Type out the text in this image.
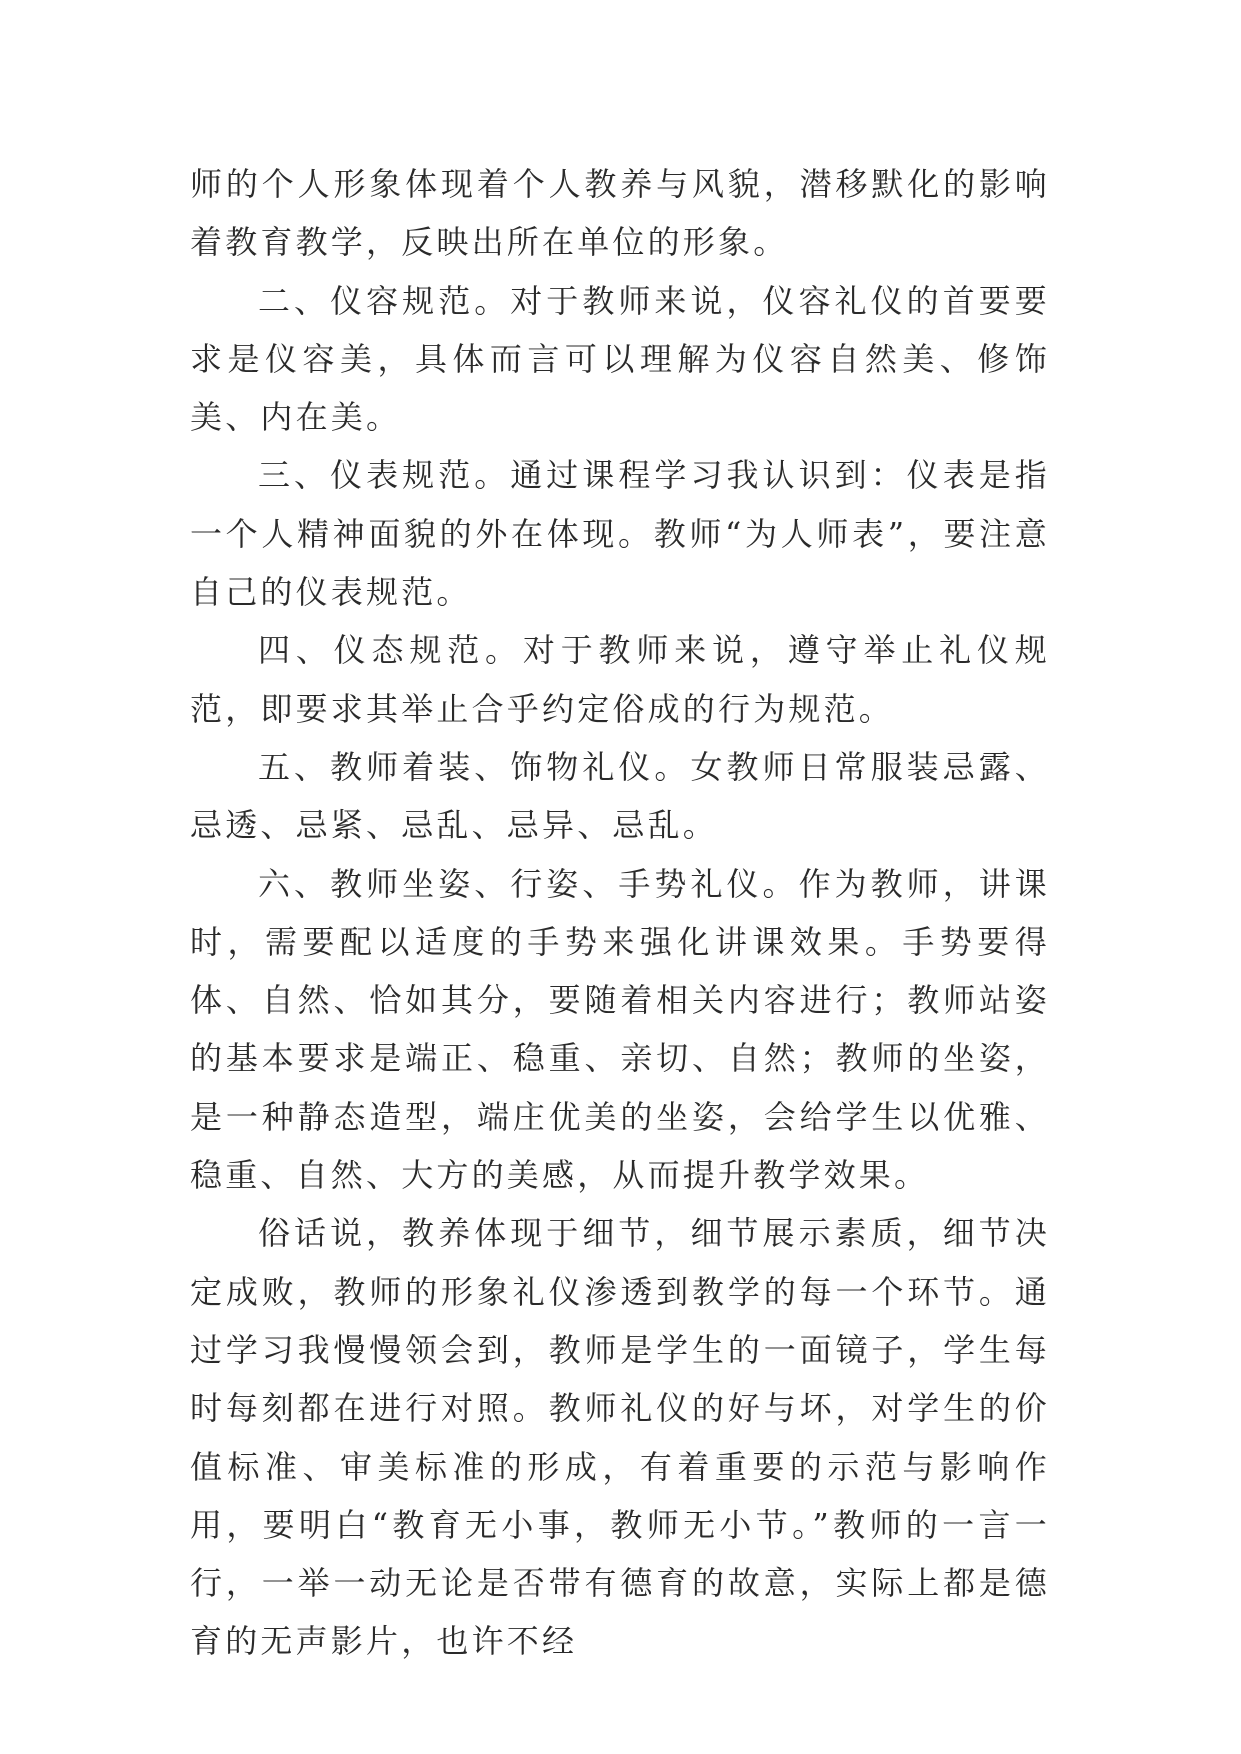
师的个人形象体现着个人教养与风貌，潜移默化的影响着教育教学，反映出所在单位的形象。

二、仪容规范。对于教师来说，仪容礼仪的首要要求是仪容美，具体而言可以理解为仪容自然美、修饰美、内在美。

三、仪表规范。通过课程学习我认识到：仪表是指一个人精神面貌的外在体现。教师“为人师表”，要注意自己的仪表规范。

四、仪态规范。对于教师来说，遵守举止礼仪规范，即要求其举止合乎约定俗成的行为规范。

五、教师着装、饰物礼仪。女教师日常服装忌露、忌透、忌紧、忌乱、忌异、忌乱。

六、教师坐姿、行姿、手势礼仪。作为教师，讲课时，需要配以适度的手势来强化讲课效果。手势要得体、自然、恰如其分，要随着相关内容进行；教师站姿的基本要求是端正、稳重、亲切、自然；教师的坐姿，是一种静态造型，端庄优美的坐姿，会给学生以优雅、稳重、自然、大方的美感，从而提升教学效果。

俗话说，教养体现于细节，细节展示素质，细节决定成败，教师的形象礼仪渗透到教学的每一个环节。通过学习我慢慢领会到，教师是学生的一面镜子，学生每时每刻都在进行对照。教师礼仪的好与坏，对学生的价值标准、审美标准的形成，有着重要的示范与影响作用，要明白“教育无小事，教师无小节。”教师的一言一行，一举一动无论是否带有德育的故意，实际上都是德育的无声影片，也许不经
